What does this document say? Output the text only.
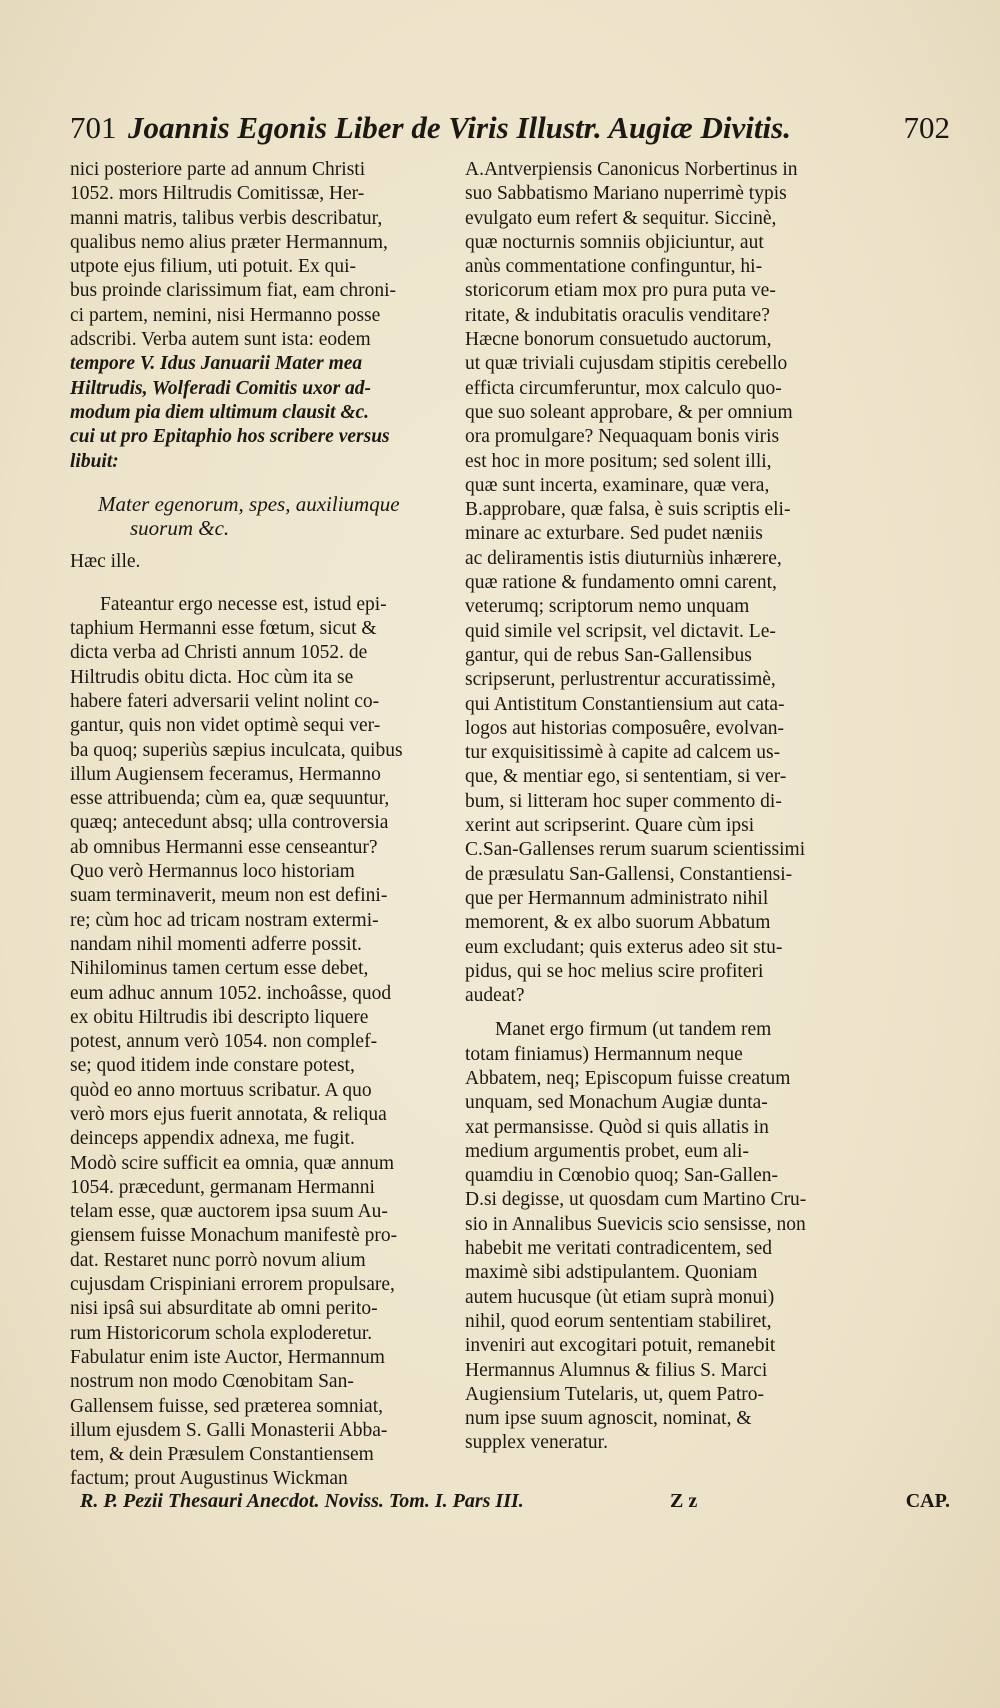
701 Joannis Egonis Liber de Viris Illustr. Augiæ Divitis.	702
nici posteriore parte ad annum Christi
1052. mors Hiltrudis Comitissæ, Her-
manni matris, talibus verbis describatur,
qualibus nemo alius præter Hermannum,
utpote ejus filium, uti potuit. Ex qui-
bus proinde clarissimum fiat, eam chroni-
ci partem, nemini, nisi Hermanno posse
adscribi. Verba autem sunt ista: eodem
tempore V. Idus Januarii Mater mea
Hiltrudis, Wolferadi Comitis uxor ad-
modum pia diem ultimum clausit &c.
cui ut pro Epitaphio hos scribere versus
libuit:
Mater egenorum, spes, auxiliumque
suorum &c.
Hæc ille.
Fateantur ergo necesse est, istud epi-
taphium Hermanni esse fœtum, sicut &
dicta verba ad Christi annum 1052. de
Hiltrudis obitu dicta. Hoc cùm ita se
habere fateri adversarii velint nolint co-
gantur, quis non videt optimè sequi ver-
ba quoq; superiùs sæpius inculcata, quibus
illum Augiensem feceramus, Hermanno
esse attribuenda; cùm ea, quæ sequuntur,
quæq; antecedunt absq; ulla controversia
ab omnibus Hermanni esse censeantur?
Quo verò Hermannus loco historiam
suam terminaverit, meum non est defini-
re; cùm hoc ad tricam nostram extermi-
nandam nihil momenti adferre possit.
Nihilominus tamen certum esse debet,
eum adhuc annum 1052. inchoâsse, quod
ex obitu Hiltrudis ibi descripto liquere
potest, annum verò 1054. non complef-
se; quod itidem inde constare potest,
quòd eo anno mortuus scribatur. A quo
verò mors ejus fuerit annotata, & reliqua
deinceps appendix adnexa, me fugit.
Modò scire sufficit ea omnia, quæ annum
1054. præcedunt, germanam Hermanni
telam esse, quæ auctorem ipsa suum Au-
giensem fuisse Monachum manifestè pro-
dat. Restaret nunc porrò novum alium
cujusdam Crispiniani errorem propulsare,
nisi ipsâ sui absurditate ab omni perito-
rum Historicorum schola exploderetur.
Fabulatur enim iste Auctor, Hermannum
nostrum non modo Cœnobitam San-
Gallensem fuisse, sed præterea somniat,
illum ejusdem S. Galli Monasterii Abba-
tem, & dein Præsulem Constantiensem
factum; prout Augustinus Wickman
A.Antverpiensis Canonicus Norbertinus in
suo Sabbatismo Mariano nuperrimè typis
evulgato eum refert & sequitur. Siccinè,
quæ nocturnis somniis objiciuntur, aut
anùs commentatione confinguntur, hi-
storicorum etiam mox pro pura puta ve-
ritate, & indubitatis oraculis venditare?
Hæcne bonorum consuetudo auctorum,
ut quæ triviali cujusdam stipitis cerebello
efficta circumferuntur, mox calculo quo-
que suo soleant approbare, & per omnium
ora promulgare? Nequaquam bonis viris
est hoc in more positum; sed solent illi,
quæ sunt incerta, examinare, quæ vera,
B.approbare, quæ falsa, è suis scriptis eli-
minare ac exturbare. Sed pudet næniis
ac deliramentis istis diuturniùs inhærere,
quæ ratione & fundamento omni carent,
veterumq; scriptorum nemo unquam
quid simile vel scripsit, vel dictavit. Le-
gantur, qui de rebus San-Gallensibus
scripserunt, perlustrentur accuratissimè,
qui Antistitum Constantiensium aut cata-
logos aut historias composuêre, evolvan-
tur exquisitissimè à capite ad calcem us-
que, & mentiar ego, si sententiam, si ver-
bum, si litteram hoc super commento di-
xerint aut scripserint. Quare cùm ipsi
C.San-Gallenses rerum suarum scientissimi
de præsulatu San-Gallensi, Constantiensi-
que per Hermannum administrato nihil
memorent, & ex albo suorum Abbatum
eum excludant; quis exterus adeo sit stu-
pidus, qui se hoc melius scire profiteri
audeat?
Manet ergo firmum (ut tandem rem
totam finiamus) Hermannum neque
Abbatem, neq; Episcopum fuisse creatum
unquam, sed Monachum Augiæ dunta-
xat permansisse. Quòd si quis allatis in
medium argumentis probet, eum ali-
quamdiu in Cœnobio quoq; San-Gallen-
D.si degisse, ut quosdam cum Martino Cru-
sio in Annalibus Suevicis scio sensisse, non
habebit me veritati contradicentem, sed
maximè sibi adstipulantem. Quoniam
autem hucusque (ùt etiam suprà monui)
nihil, quod eorum sententiam stabiliret,
inveniri aut excogitari potuit, remanebit
Hermannus Alumnus & filius S. Marci
Augiensium Tutelaris, ut, quem Patro-
num ipse suum agnoscit, nominat, &
supplex veneratur.
R. P. Pezii Thesauri Anecdot. Noviss. Tom. I. Pars III.	Z z	CAP.
